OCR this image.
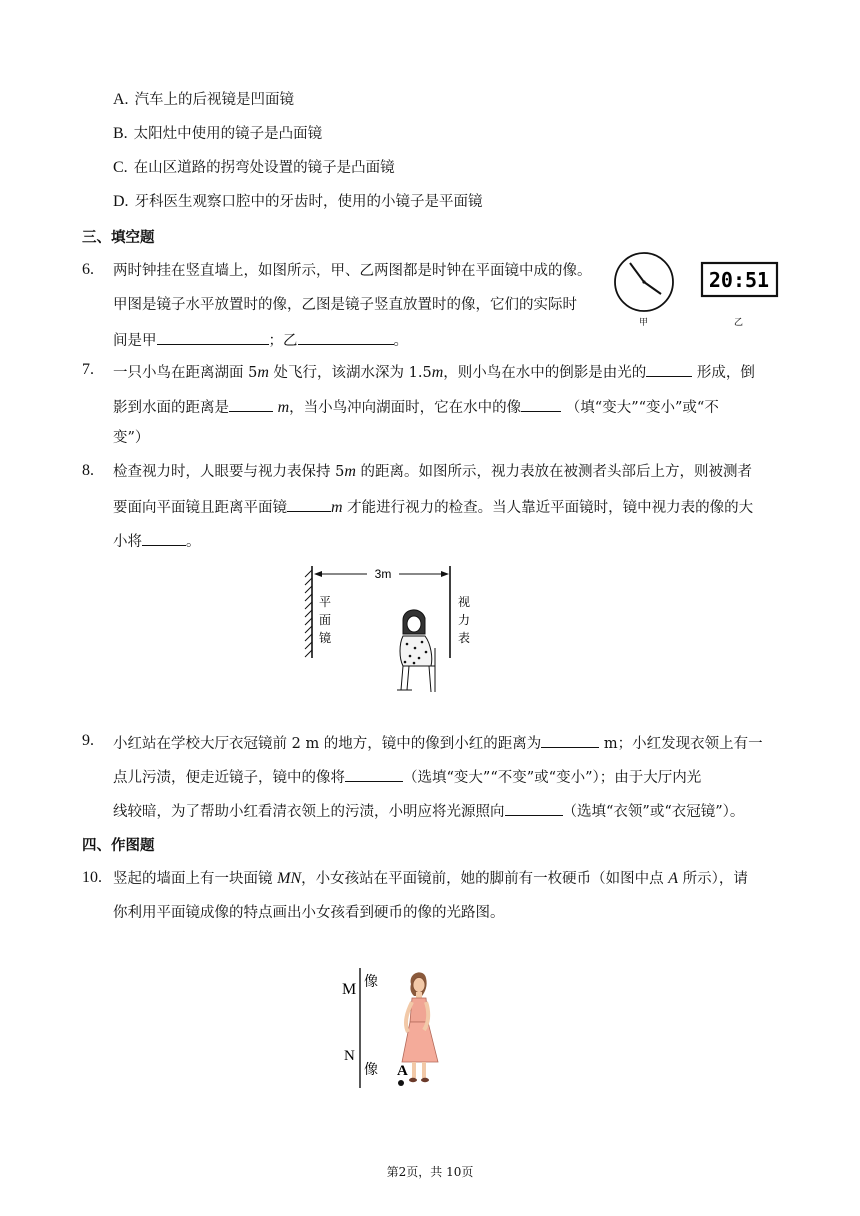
A. 汽车上的后视镜是凹面镜
B. 太阳灶中使用的镜子是凸面镜
C. 在山区道路的拐弯处设置的镜子是凸面镜
D. 牙科医生观察口腔中的牙齿时，使用的小镜子是平面镜
三、填空题
6. 两时钟挂在竖直墙上，如图所示，甲、乙两图都是时钟在平面镜中成的像。
甲图是镜子水平放置时的像，乙图是镜子竖直放置时的像，它们的实际时
间是甲	；乙	。
甲
20:51
乙
7. 一只小鸟在距离湖面 5m 处飞行，该湖水深为 1.5m，则小鸟在水中的倒影是由光的	形成，倒
影到水面的距离是	m，当小鸟冲向湖面时，它在水中的像	（填“变大”“变小”或“不
变”）
8. 检查视力时，人眼要与视力表保持 5m 的距离。如图所示，视力表放在被测者头部后上方，则被测者
要面向平面镜且距离平面镜	m 才能进行视力的检查。当人靠近平面镜时，镜中视力表的像的大
小将	。
平
面
镜
3m
视
力
表
9. 小红站在学校大厅衣冠镜前 2 m 的地方，镜中的像到小红的距离为	m；小红发现衣领上有一
点儿污渍，便走近镜子，镜中的像将	（选填“变大”“不变”或“变小”）；由于大厅内光
线较暗，为了帮助小红看清衣领上的污渍，小明应将光源照向	（选填“衣领”或“衣冠镜”）。
四、作图题
10. 竖起的墙面上有一块面镜 MN，小女孩站在平面镜前，她的脚前有一枚硬币（如图中点 A 所示），请
你利用平面镜成像的特点画出小女孩看到硬币的像的光路图。
M
N
像
像 A
第2页，共 10页
